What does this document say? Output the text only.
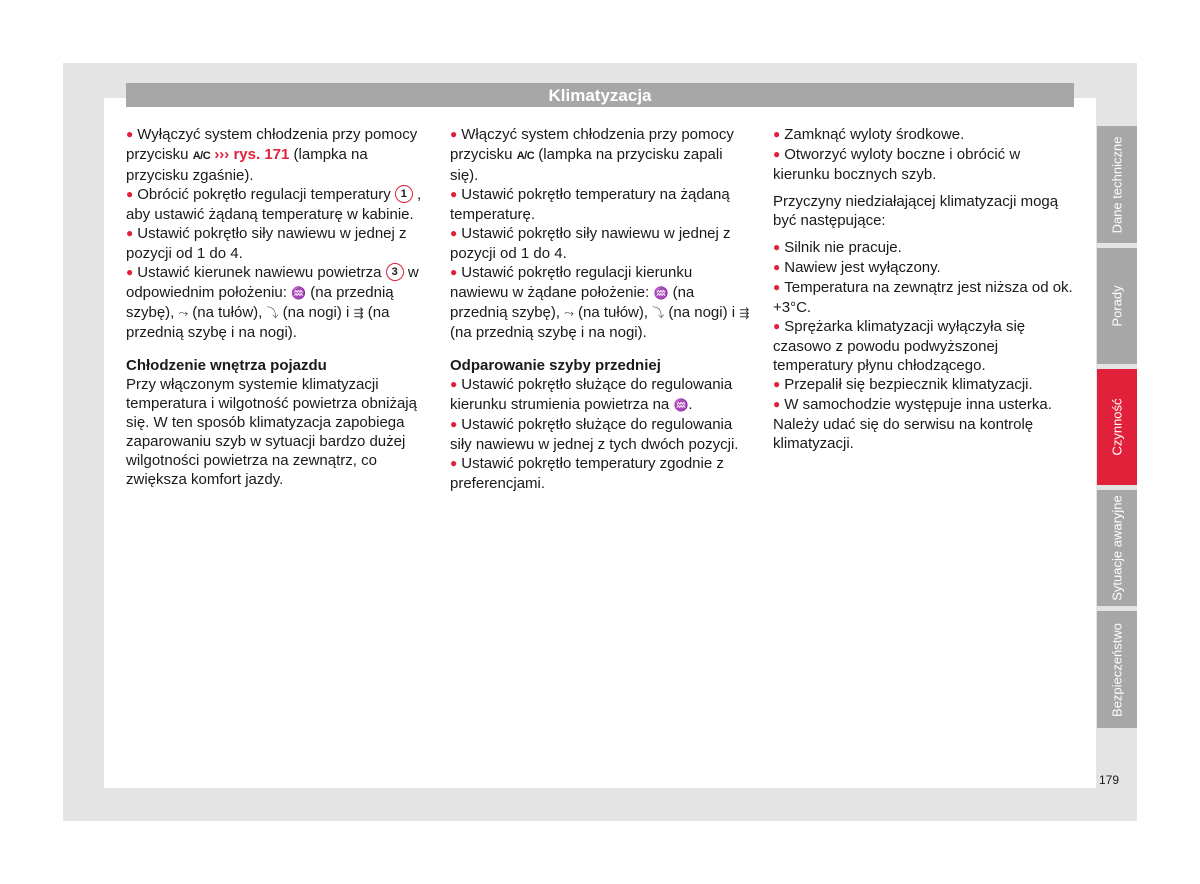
Klimatyzacja

● Wyłączyć system chłodzenia przy pomocy przycisku A/C ››› rys. 171 (lampka na przycisku zgaśnie).

● Obrócić pokrętło regulacji temperatury 1 , aby ustawić żądaną temperaturę w kabinie.

● Ustawić pokrętło siły nawiewu w jednej z pozycji od 1 do 4.

● Ustawić kierunek nawiewu powietrza 3 w odpowiednim położeniu: ♒ (na przednią szybę), ⤳ (na tułów), ⤵ (na nogi) i ⇶ (na przednią szybę i na nogi).

Chłodzenie wnętrza pojazdu

Przy włączonym systemie klimatyzacji temperatura i wilgotność powietrza obniżają się. W ten sposób klimatyzacja zapobiega zaparowaniu szyb w sytuacji bardzo dużej wilgotności powietrza na zewnątrz, co zwiększa komfort jazdy.

● Włączyć system chłodzenia przy pomocy przycisku A/C (lampka na przycisku zapali się).

● Ustawić pokrętło temperatury na żądaną temperaturę.

● Ustawić pokrętło siły nawiewu w jednej z pozycji od 1 do 4.

● Ustawić pokrętło regulacji kierunku nawiewu w żądane położenie: ♒ (na przednią szybę), ⤳ (na tułów), ⤵ (na nogi) i ⇶ (na przednią szybę i na nogi).

Odparowanie szyby przedniej

● Ustawić pokrętło służące do regulowania kierunku strumienia powietrza na ♒.

● Ustawić pokrętło służące do regulowania siły nawiewu w jednej z tych dwóch pozycji.

● Ustawić pokrętło temperatury zgodnie z preferencjami.

● Zamknąć wyloty środkowe.

● Otworzyć wyloty boczne i obrócić w kierunku bocznych szyb.

Przyczyny niedziałającej klimatyzacji mogą być następujące:

● Silnik nie pracuje.

● Nawiew jest wyłączony.

● Temperatura na zewnątrz jest niższa od ok. +3°C.

● Sprężarka klimatyzacji wyłączyła się czasowo z powodu podwyższonej temperatury płynu chłodzącego.

● Przepalił się bezpiecznik klimatyzacji.

● W samochodzie występuje inna usterka. Należy udać się do serwisu na kontrolę klimatyzacji.

Dane techniczne
Porady
Czynność
Sytuacje awaryjne
Bezpieczeństwo
179
